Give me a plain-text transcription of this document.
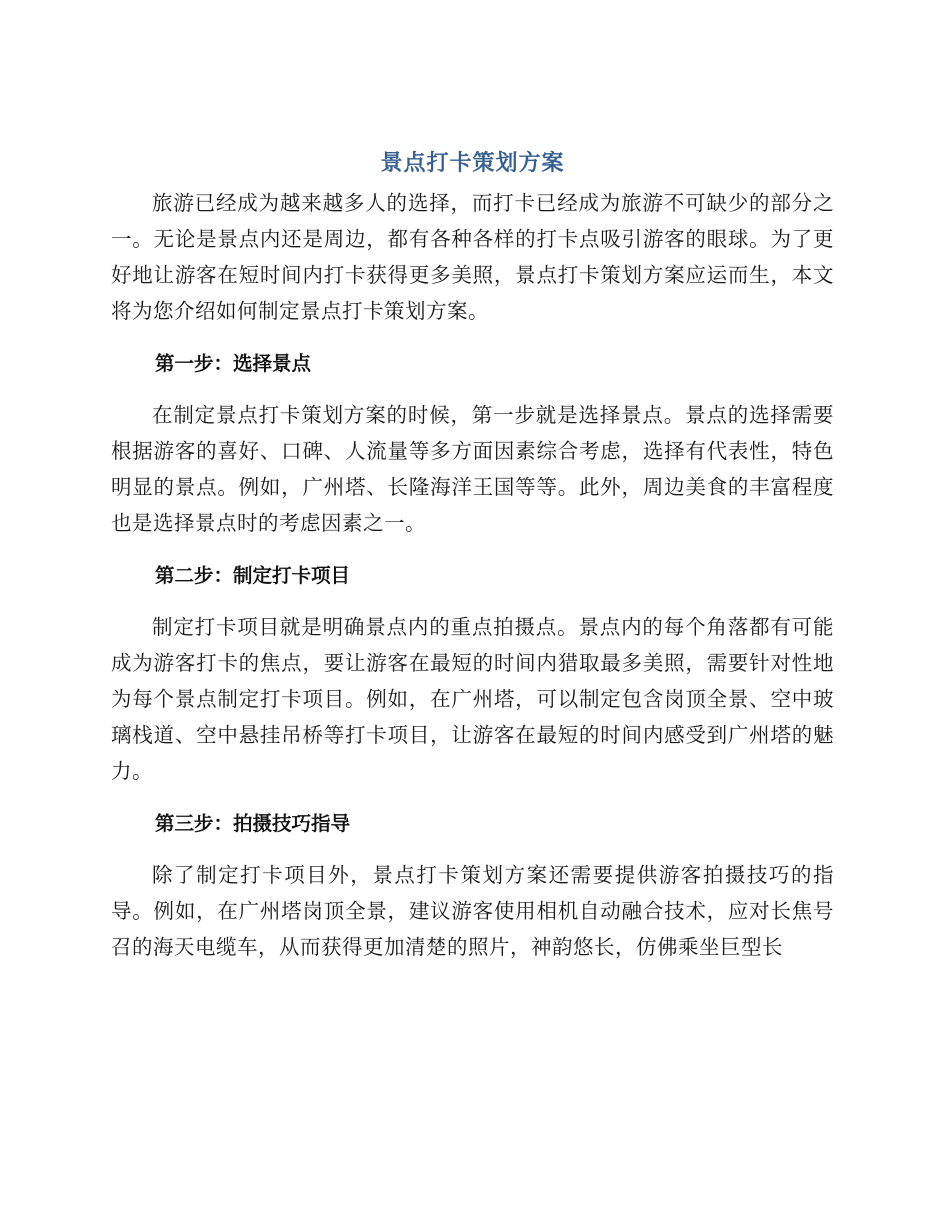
景点打卡策划方案

旅游已经成为越来越多人的选择，而打卡已经成为旅游不可缺少的部分之一。无论是景点内还是周边，都有各种各样的打卡点吸引游客的眼球。为了更好地让游客在短时间内打卡获得更多美照，景点打卡策划方案应运而生，本文将为您介绍如何制定景点打卡策划方案。

第一步：选择景点

在制定景点打卡策划方案的时候，第一步就是选择景点。景点的选择需要根据游客的喜好、口碑、人流量等多方面因素综合考虑，选择有代表性，特色明显的景点。例如，广州塔、长隆海洋王国等等。此外，周边美食的丰富程度也是选择景点时的考虑因素之一。

第二步：制定打卡项目

制定打卡项目就是明确景点内的重点拍摄点。景点内的每个角落都有可能成为游客打卡的焦点，要让游客在最短的时间内猎取最多美照，需要针对性地为每个景点制定打卡项目。例如，在广州塔，可以制定包含岗顶全景、空中玻璃栈道、空中悬挂吊桥等打卡项目，让游客在最短的时间内感受到广州塔的魅力。

第三步：拍摄技巧指导

除了制定打卡项目外，景点打卡策划方案还需要提供游客拍摄技巧的指导。例如，在广州塔岗顶全景，建议游客使用相机自动融合技术，应对长焦号召的海天电缆车，从而获得更加清楚的照片，神韵悠长，仿佛乘坐巨型长
